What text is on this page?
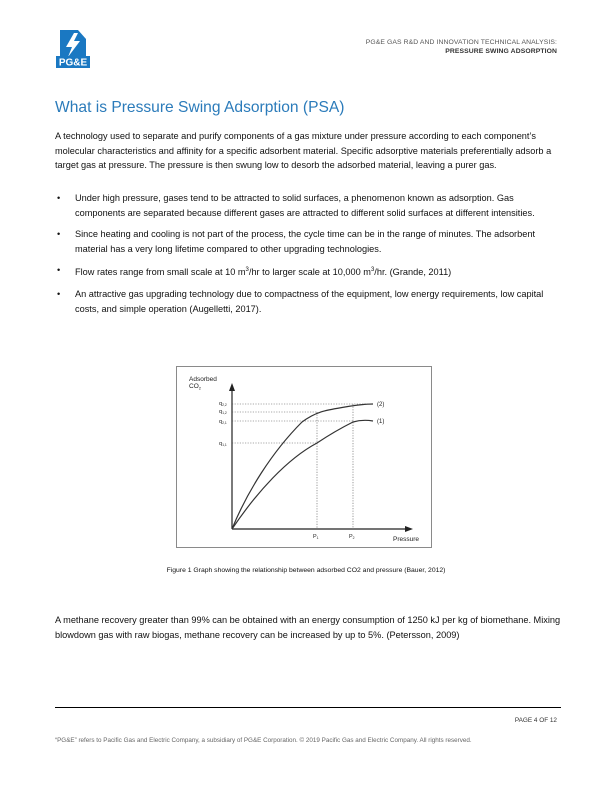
PG&E
PG&E GAS R&D AND INNOVATION TECHNICAL ANALYSIS:
PRESSURE SWING ADSORPTION
What is Pressure Swing Adsorption (PSA)

A technology used to separate and purify components of a gas mixture under pressure according to each component’s molecular characteristics and affinity for a specific adsorbent material. Specific adsorptive materials preferentially adsorb a target gas at pressure. The pressure is then swung low to desorb the adsorbed material, leaving a purer gas.

• Under high pressure, gases tend to be attracted to solid surfaces, a phenomenon known as adsorption. Gas components are separated because different gases are attracted to different solid surfaces at different intensities.
• Since heating and cooling is not part of the process, the cycle time can be in the range of minutes. The adsorbent material has a very long lifetime compared to other upgrading technologies.
• Flow rates range from small scale at 10 $m^3/hr$ to larger scale at 10,000 $m^3/hr$. (Grande, 2011)
• An attractive gas upgrading technology due to compactness of the equipment, low energy requirements, low capital costs, and simple operation (Augelletti, 2017).
Adsorbed
$CO_2$
(2)
(1)
$q_{2,2}$
$q_{1,2}$
$q_{2,1}$
$q_{1,1}$
$P_1$	$P_2$	Pressure
Figure 1 Graph showing the relationship between adsorbed CO2 and pressure (Bauer, 2012)

A methane recovery greater than 99% can be obtained with an energy consumption of 1250 kJ per kg of biomethane. Mixing blowdown gas with raw biogas, methane recovery can be increased by up to 5%. (Petersson, 2009)

PAGE 4 OF 12
“PG&E” refers to Pacific Gas and Electric Company, a subsidiary of PG&E Corporation. © 2019 Pacific Gas and Electric Company. All rights reserved.
